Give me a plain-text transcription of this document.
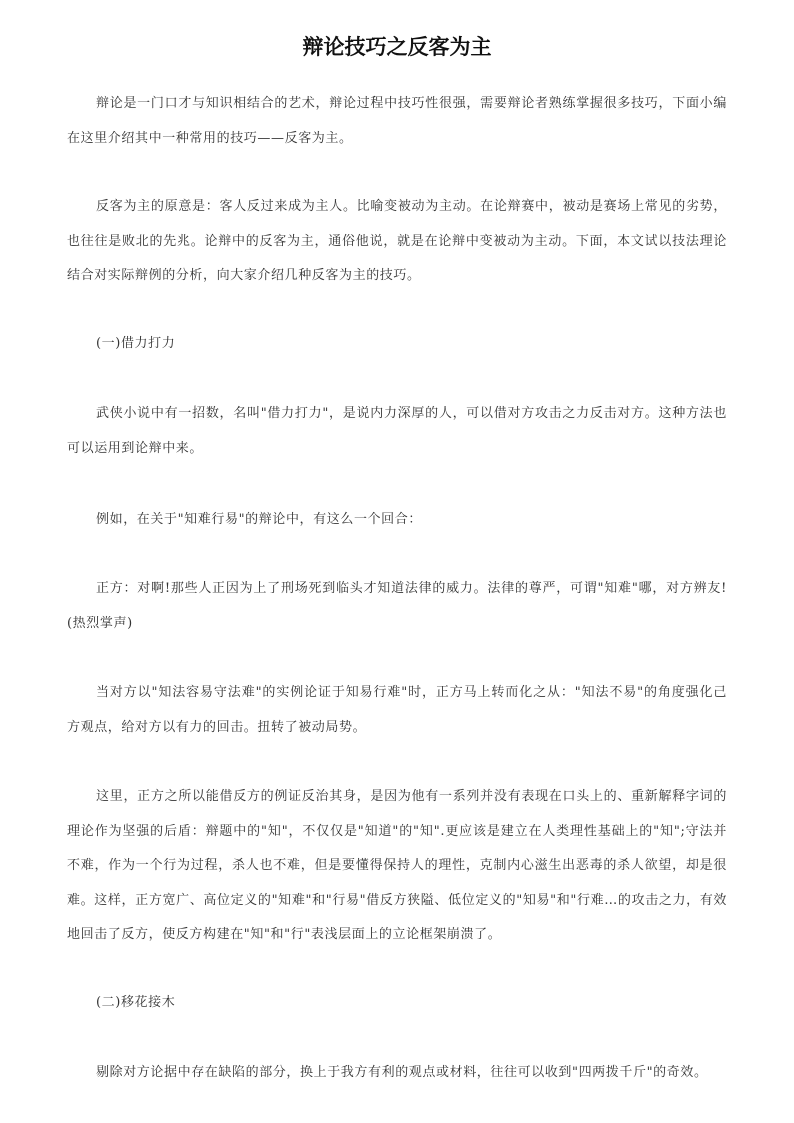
辩论技巧之反客为主

辩论是一门口才与知识相结合的艺术，辩论过程中技巧性很强，需要辩论者熟练掌握很多技巧，下面小编在这里介绍其中一种常用的技巧——反客为主。

反客为主的原意是：客人反过来成为主人。比喻变被动为主动。在论辩赛中，被动是赛场上常见的劣势，也往往是败北的先兆。论辩中的反客为主，通俗他说，就是在论辩中变被动为主动。下面，本文试以技法理论结合对实际辩例的分析，向大家介绍几种反客为主的技巧。

(一)借力打力

武侠小说中有一招数，名叫"借力打力"，是说内力深厚的人，可以借对方攻击之力反击对方。这种方法也可以运用到论辩中来。

例如，在关于"知难行易"的辩论中，有这么一个回合：

正方：对啊!那些人正因为上了刑场死到临头才知道法律的威力。法律的尊严，可谓"知难"哪，对方辨友!(热烈掌声)

当对方以"知法容易守法难"的实例论证于知易行难"时，正方马上转而化之从："知法不易"的角度强化己方观点，给对方以有力的回击。扭转了被动局势。

这里，正方之所以能借反方的例证反治其身，是因为他有一系列并没有表现在口头上的、重新解释字词的理论作为坚强的后盾：辩题中的"知"，不仅仅是"知道"的"知".更应该是建立在人类理性基础上的"知";守法并不难，作为一个行为过程，杀人也不难，但是要懂得保持人的理性，克制内心滋生出恶毒的杀人欲望，却是很难。这样，正方宽广、高位定义的"知难"和"行易"借反方狭隘、低位定义的"知易"和"行难…的攻击之力，有效地回击了反方，使反方构建在"知"和"行"表浅层面上的立论框架崩溃了。

(二)移花接木

剔除对方论据中存在缺陷的部分，换上于我方有利的观点或材料，往往可以收到"四两拨千斤"的奇效。
